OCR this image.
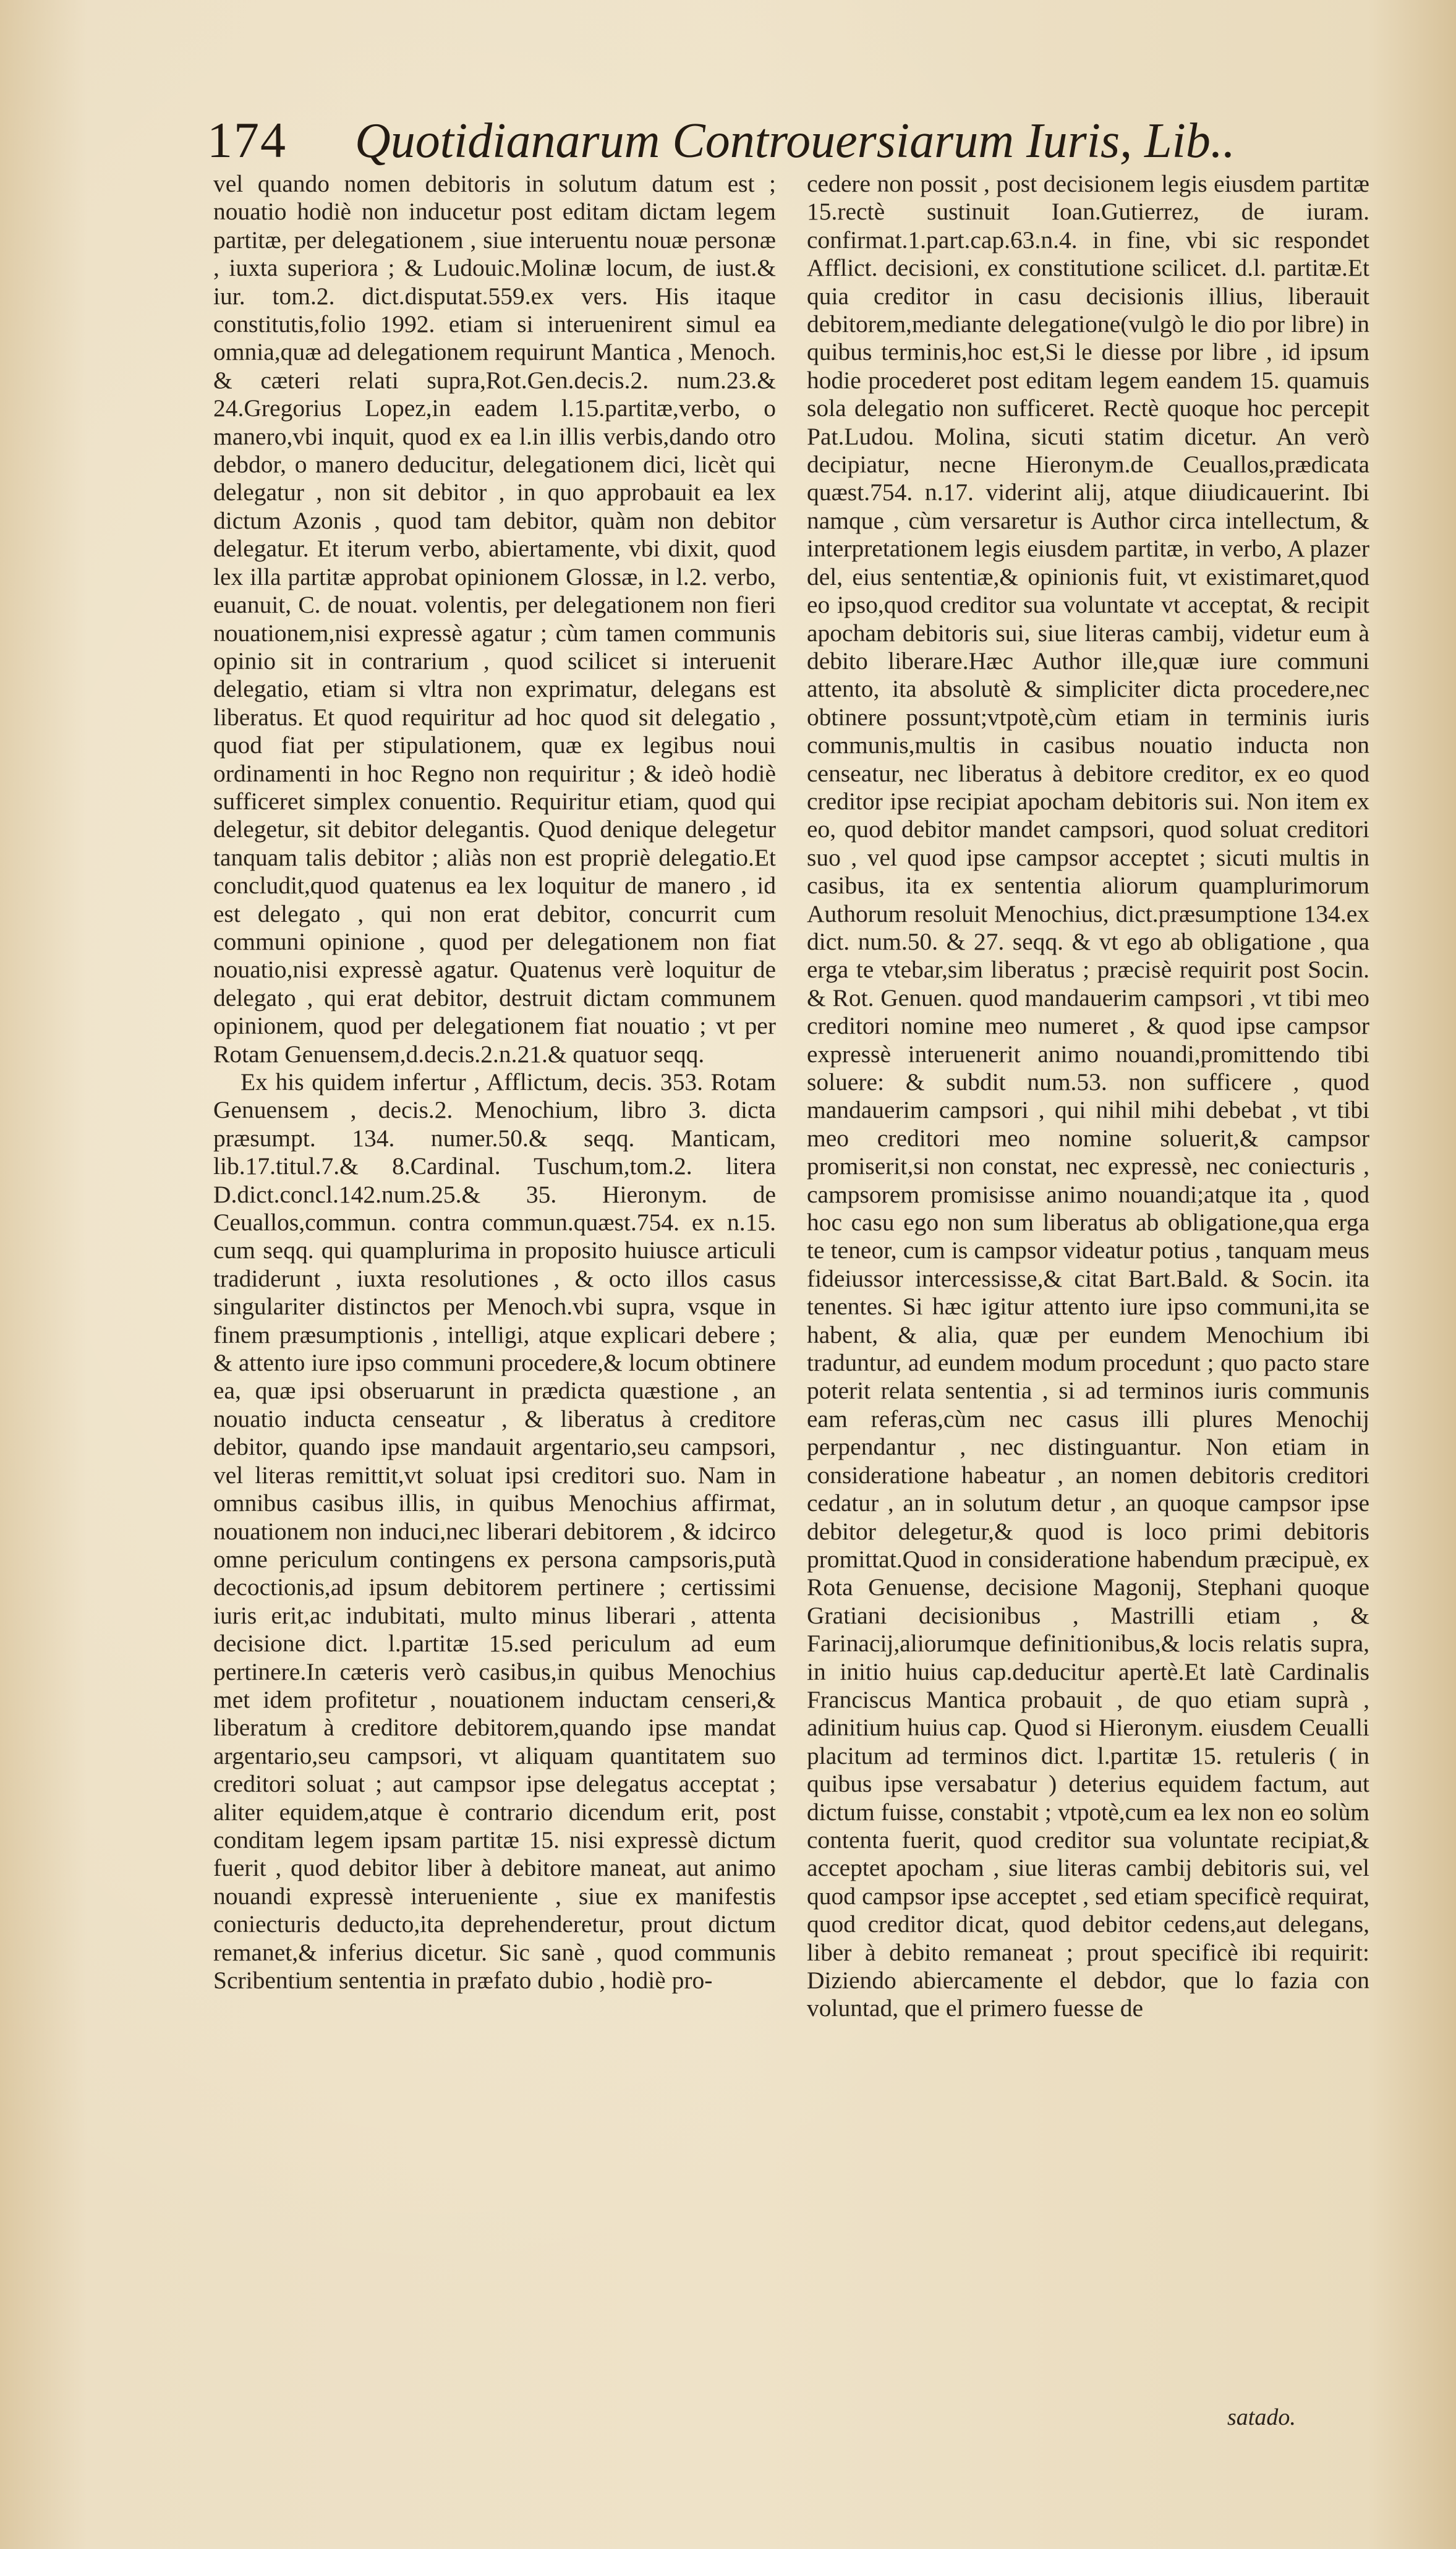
174 Quotidianarum Controuersiarum Iuris, Lib..

vel quando nomen debitoris in solutum datum est ; nouatio hodiè non inducetur post editam dictam legem partitæ, per delegationem , siue interuentu nouæ personæ , iuxta superiora ; & Ludouic.Molinæ locum, de iust.& iur. tom.2. dict.disputat.559.ex vers. His itaque constitutis,folio 1992. etiam si interuenirent simul ea omnia,quæ ad delegationem requirunt Mantica , Menoch. & cæteri relati supra,Rot.Gen.decis.2. num.23.& 24.Gregorius Lopez,in eadem l.15.partitæ,verbo, o manero,vbi inquit, quod ex ea l.in illis verbis,dando otro debdor, o manero deducitur, delegationem dici, licèt qui delegatur , non sit debitor , in quo approbauit ea lex dictum Azonis , quod tam debitor, quàm non debitor delegatur. Et iterum verbo, abiertamente, vbi dixit, quod lex illa partitæ approbat opinionem Glossæ, in l.2. verbo, euanuit, C. de nouat. volentis, per delegationem non fieri nouationem,nisi expressè agatur ; cùm tamen communis opinio sit in contrarium , quod scilicet si interuenit delegatio, etiam si vltra non exprimatur, delegans est liberatus. Et quod requiritur ad hoc quod sit delegatio , quod fiat per stipulationem, quæ ex legibus noui ordinamenti in hoc Regno non requiritur ; & ideò hodiè sufficeret simplex conuentio. Requiritur etiam, quod qui delegetur, sit debitor delegantis. Quod denique delegetur tanquam talis debitor ; aliàs non est propriè delegatio.Et concludit,quod quatenus ea lex loquitur de manero , id est delegato , qui non erat debitor, concurrit cum communi opinione , quod per delegationem non fiat nouatio,nisi expressè agatur. Quatenus verè loquitur de delegato , qui erat debitor, destruit dictam communem opinionem, quod per delegationem fiat nouatio ; vt per Rotam Genuensem,d.decis.2.n.21.& quatuor seqq.

Ex his quidem infertur , Afflictum, decis. 353. Rotam Genuensem , decis.2. Menochium, libro 3. dicta præsumpt. 134. numer.50.& seqq. Manticam, lib.17.titul.7.& 8.Cardinal. Tuschum,tom.2. litera D.dict.concl.142.num.25.& 35. Hieronym. de Ceuallos,commun. contra commun.quæst.754. ex n.15. cum seqq. qui quamplurima in proposito huiusce articuli tradiderunt , iuxta resolutiones , & octo illos casus singulariter distinctos per Menoch.vbi supra, vsque in finem præsumptionis , intelligi, atque explicari debere ; & attento iure ipso communi procedere,& locum obtinere ea, quæ ipsi obseruarunt in prædicta quæstione , an nouatio inducta censeatur , & liberatus à creditore debitor, quando ipse mandauit argentario,seu campsori, vel literas remittit,vt soluat ipsi creditori suo. Nam in omnibus casibus illis, in quibus Menochius affirmat, nouationem non induci,nec liberari debitorem , & idcirco omne periculum contingens ex persona campsoris,putà decoctionis,ad ipsum debitorem pertinere ; certissimi iuris erit,ac indubitati, multo minus liberari , attenta decisione dict. l.partitæ 15.sed periculum ad eum pertinere.In cæteris verò casibus,in quibus Menochius met idem profitetur , nouationem inductam censeri,& liberatum à creditore debitorem,quando ipse mandat argentario,seu campsori, vt aliquam quantitatem suo creditori soluat ; aut campsor ipse delegatus acceptat ; aliter equidem,atque è contrario dicendum erit, post conditam legem ipsam partitæ 15. nisi expressè dictum fuerit , quod debitor liber à debitore maneat, aut animo nouandi expressè interueniente , siue ex manifestis coniecturis deducto,ita deprehenderetur, prout dictum remanet,& inferius dicetur. Sic sanè , quod communis Scribentium sententia in præfato dubio , hodiè pro-

cedere non possit , post decisionem legis eiusdem partitæ 15.rectè sustinuit Ioan.Gutierrez, de iuram. confirmat.1.part.cap.63.n.4. in fine, vbi sic respondet Afflict. decisioni, ex constitutione scilicet. d.l. partitæ.Et quia creditor in casu decisionis illius, liberauit debitorem,mediante delegatione(vulgò le dio por libre) in quibus terminis,hoc est,Si le diesse por libre , id ipsum hodie procederet post editam legem eandem 15. quamuis sola delegatio non sufficeret. Rectè quoque hoc percepit Pat.Ludou. Molina, sicuti statim dicetur. An verò decipiatur, necne Hieronym.de Ceuallos,prædicata quæst.754. n.17. viderint alij, atque diiudicauerint. Ibi namque , cùm versaretur is Author circa intellectum, & interpretationem legis eiusdem partitæ, in verbo, A plazer del, eius sententiæ,& opinionis fuit, vt existimaret,quod eo ipso,quod creditor sua voluntate vt acceptat, & recipit apocham debitoris sui, siue literas cambij, videtur eum à debito liberare.Hæc Author ille,quæ iure communi attento, ita absolutè & simpliciter dicta procedere,nec obtinere possunt;vtpotè,cùm etiam in terminis iuris communis,multis in casibus nouatio inducta non censeatur, nec liberatus à debitore creditor, ex eo quod creditor ipse recipiat apocham debitoris sui. Non item ex eo, quod debitor mandet campsori, quod soluat creditori suo , vel quod ipse campsor acceptet ; sicuti multis in casibus, ita ex sententia aliorum quamplurimorum Authorum resoluit Menochius, dict.præsumptione 134.ex dict. num.50. & 27. seqq. & vt ego ab obligatione , qua erga te vtebar,sim liberatus ; præcisè requirit post Socin. & Rot. Genuen. quod mandauerim campsori , vt tibi meo creditori nomine meo numeret , & quod ipse campsor expressè interuenerit animo nouandi,promittendo tibi soluere: & subdit num.53. non sufficere , quod mandauerim campsori , qui nihil mihi debebat , vt tibi meo creditori meo nomine soluerit,& campsor promiserit,si non constat, nec expressè, nec coniecturis , campsorem promisisse animo nouandi;atque ita , quod hoc casu ego non sum liberatus ab obligatione,qua erga te teneor, cum is campsor videatur potius , tanquam meus fideiussor intercessisse,& citat Bart.Bald. & Socin. ita tenentes. Si hæc igitur attento iure ipso communi,ita se habent, & alia, quæ per eundem Menochium ibi traduntur, ad eundem modum procedunt ; quo pacto stare poterit relata sententia , si ad terminos iuris communis eam referas,cùm nec casus illi plures Menochij perpendantur , nec distinguantur. Non etiam in consideratione habeatur , an nomen debitoris creditori cedatur , an in solutum detur , an quoque campsor ipse debitor delegetur,& quod is loco primi debitoris promittat.Quod in consideratione habendum præcipuè, ex Rota Genuense, decisione Magonij, Stephani quoque Gratiani decisionibus , Mastrilli etiam , & Farinacij,aliorumque definitionibus,& locis relatis supra, in initio huius cap.deducitur apertè.Et latè Cardinalis Franciscus Mantica probauit , de quo etiam suprà , adinitium huius cap. Quod si Hieronym. eiusdem Ceualli placitum ad terminos dict. l.partitæ 15. retuleris ( in quibus ipse versabatur ) deterius equidem factum, aut dictum fuisse, constabit ; vtpotè,cum ea lex non eo solùm contenta fuerit, quod creditor sua voluntate recipiat,& acceptet apocham , siue literas cambij debitoris sui, vel quod campsor ipse acceptet , sed etiam specificè requirat, quod creditor dicat, quod debitor cedens,aut delegans, liber à debito remaneat ; prout specificè ibi requirit: Diziendo abiercamente el debdor, que lo fazia con voluntad, que el primero fuesse de

satado.
